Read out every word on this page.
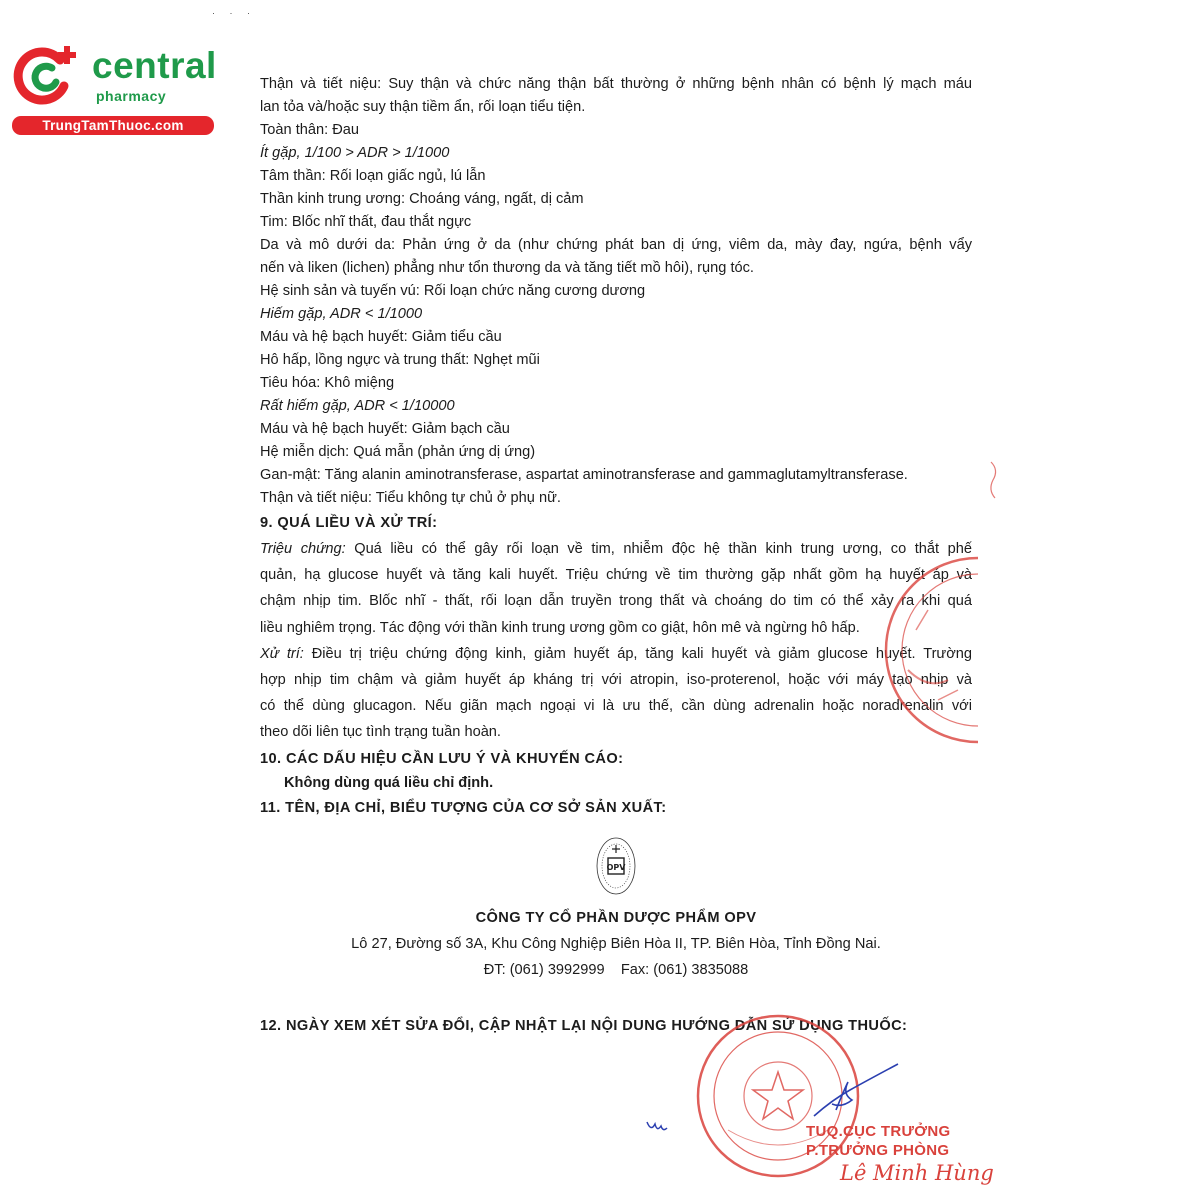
central
pharmacy
TrungTamThuoc.com
· · ·
Thận và tiết niệu: Suy thận và chức năng thận bất thường ở những bệnh nhân có bệnh lý mạch máu
lan tỏa và/hoặc suy thận tiềm ẩn, rối loạn tiểu tiện.
Toàn thân: Đau
Ít gặp, 1/100 > ADR > 1/1000
Tâm thần: Rối loạn giấc ngủ, lú lẫn
Thần kinh trung ương: Choáng váng, ngất, dị cảm
Tim: Blốc nhĩ thất, đau thắt ngực
Da và mô dưới da: Phản ứng ở da (như chứng phát ban dị ứng, viêm da, mày đay, ngứa, bệnh vẩy
nến và liken (lichen) phẳng như tổn thương da và tăng tiết mồ hôi), rụng tóc.
Hệ sinh sản và tuyến vú: Rối loạn chức năng cương dương
Hiếm gặp, ADR < 1/1000
Máu và hệ bạch huyết: Giảm tiểu cầu
Hô hấp, lồng ngực và trung thất: Nghẹt mũi
Tiêu hóa: Khô miệng
Rất hiếm gặp, ADR < 1/10000
Máu và hệ bạch huyết: Giảm bạch cầu
Hệ miễn dịch: Quá mẫn (phản ứng dị ứng)
Gan-mật: Tăng alanin aminotransferase, aspartat aminotransferase and gammaglutamyltransferase.
Thận và tiết niệu: Tiểu không tự chủ ở phụ nữ.
9. QUÁ LIỀU VÀ XỬ TRÍ:

Triệu chứng: Quá liều có thể gây rối loạn về tim, nhiễm độc hệ thần kinh trung ương, co thắt phế

quản, hạ glucose huyết và tăng kali huyết. Triệu chứng về tim thường gặp nhất gồm hạ huyết áp và

chậm nhịp tim. Blốc nhĩ - thất, rối loạn dẫn truyền trong thất và choáng do tim có thể xảy ra khi quá

liều nghiêm trọng. Tác động với thần kinh trung ương gồm co giật, hôn mê và ngừng hô hấp.

Xử trí: Điều trị triệu chứng động kinh, giảm huyết áp, tăng kali huyết và giảm glucose huyết. Trường

hợp nhịp tim chậm và giảm huyết áp kháng trị với atropin, iso-proterenol, hoặc với máy tạo nhịp và

có thể dùng glucagon. Nếu giãn mạch ngoại vi là ưu thế, cần dùng adrenalin hoặc noradrenalin với

theo dõi liên tục tình trạng tuần hoàn.

10. CÁC DẤU HIỆU CẦN LƯU Ý VÀ KHUYẾN CÁO:
Không dùng quá liều chỉ định.
11. TÊN, ĐỊA CHỈ, BIỂU TƯỢNG CỦA CƠ SỞ SẢN XUẤT:
OPV
CÔNG TY CỔ PHẦN DƯỢC PHẨM OPV
Lô 27, Đường số 3A, Khu Công Nghiệp Biên Hòa II, TP. Biên Hòa, Tỉnh Đồng Nai.
ĐT: (061) 3992999    Fax: (061) 3835088
12. NGÀY XEM XÉT SỬA ĐỔI, CẬP NHẬT LẠI NỘI DUNG HƯỚNG DẪN SỬ DỤNG THUỐC:
TUQ.CỤC TRƯỞNG
P.TRƯỞNG PHÒNG
Lê Minh Hùng
